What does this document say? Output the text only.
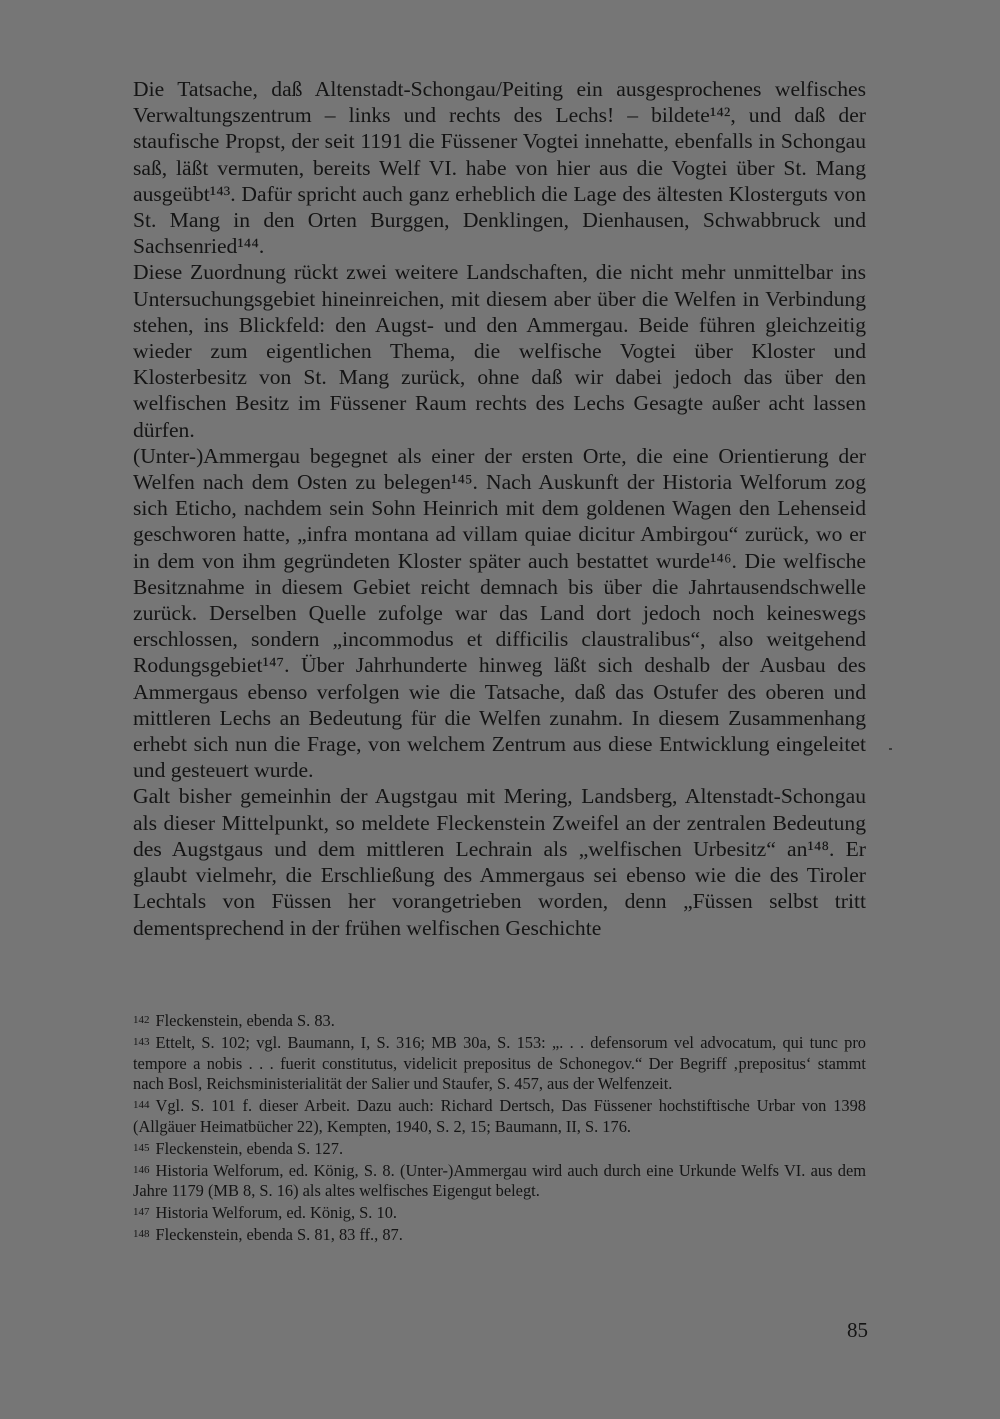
Die Tatsache, daß Altenstadt-Schongau/Peiting ein ausgesprochenes welfisches Verwaltungszentrum – links und rechts des Lechs! – bildete¹⁴², und daß der staufische Propst, der seit 1191 die Füssener Vogtei innehatte, ebenfalls in Schongau saß, läßt vermuten, bereits Welf VI. habe von hier aus die Vogtei über St. Mang ausgeübt¹⁴³. Dafür spricht auch ganz erheblich die Lage des ältesten Klosterguts von St. Mang in den Orten Burggen, Denklingen, Dienhausen, Schwabbruck und Sachsenried¹⁴⁴.

Diese Zuordnung rückt zwei weitere Landschaften, die nicht mehr unmittelbar ins Untersuchungsgebiet hineinreichen, mit diesem aber über die Welfen in Verbindung stehen, ins Blickfeld: den Augst- und den Ammergau. Beide führen gleichzeitig wieder zum eigentlichen Thema, die welfische Vogtei über Kloster und Klosterbesitz von St. Mang zurück, ohne daß wir dabei jedoch das über den welfischen Besitz im Füssener Raum rechts des Lechs Gesagte außer acht lassen dürfen.

(Unter-)Ammergau begegnet als einer der ersten Orte, die eine Orientierung der Welfen nach dem Osten zu belegen¹⁴⁵. Nach Auskunft der Historia Welforum zog sich Eticho, nachdem sein Sohn Heinrich mit dem goldenen Wagen den Lehenseid geschworen hatte, „infra montana ad villam quiae dicitur Ambirgou“ zurück, wo er in dem von ihm gegründeten Kloster später auch bestattet wurde¹⁴⁶. Die welfische Besitznahme in diesem Gebiet reicht demnach bis über die Jahrtausendschwelle zurück. Derselben Quelle zufolge war das Land dort jedoch noch keineswegs erschlossen, sondern „incommodus et difficilis claustralibus“, also weitgehend Rodungsgebiet¹⁴⁷. Über Jahrhunderte hinweg läßt sich deshalb der Ausbau des Ammergaus ebenso verfolgen wie die Tatsache, daß das Ostufer des oberen und mittleren Lechs an Bedeutung für die Welfen zunahm. In diesem Zusammenhang erhebt sich nun die Frage, von welchem Zentrum aus diese Entwicklung eingeleitet und gesteuert wurde.

Galt bisher gemeinhin der Augstgau mit Mering, Landsberg, Altenstadt-Schongau als dieser Mittelpunkt, so meldete Fleckenstein Zweifel an der zentralen Bedeutung des Augstgaus und dem mittleren Lechrain als „welfischen Urbesitz“ an¹⁴⁸. Er glaubt vielmehr, die Erschließung des Ammergaus sei ebenso wie die des Tiroler Lechtals von Füssen her vorangetrieben worden, denn „Füssen selbst tritt dementsprechend in der frühen welfischen Geschichte

142 Fleckenstein, ebenda S. 83.

143 Ettelt, S. 102; vgl. Baumann, I, S. 316; MB 30a, S. 153: „. . . defensorum vel advocatum, qui tunc pro tempore a nobis . . . fuerit constitutus, videlicit prepositus de Schonegov.“ Der Begriff ‚prepositus‘ stammt nach Bosl, Reichsministerialität der Salier und Staufer, S. 457, aus der Welfenzeit.

144 Vgl. S. 101 f. dieser Arbeit. Dazu auch: Richard Dertsch, Das Füssener hochstiftische Urbar von 1398 (Allgäuer Heimatbücher 22), Kempten, 1940, S. 2, 15; Baumann, II, S. 176.

145 Fleckenstein, ebenda S. 127.

146 Historia Welforum, ed. König, S. 8. (Unter-)Ammergau wird auch durch eine Urkunde Welfs VI. aus dem Jahre 1179 (MB 8, S. 16) als altes welfisches Eigengut belegt.

147 Historia Welforum, ed. König, S. 10.

148 Fleckenstein, ebenda S. 81, 83 ff., 87.

85
